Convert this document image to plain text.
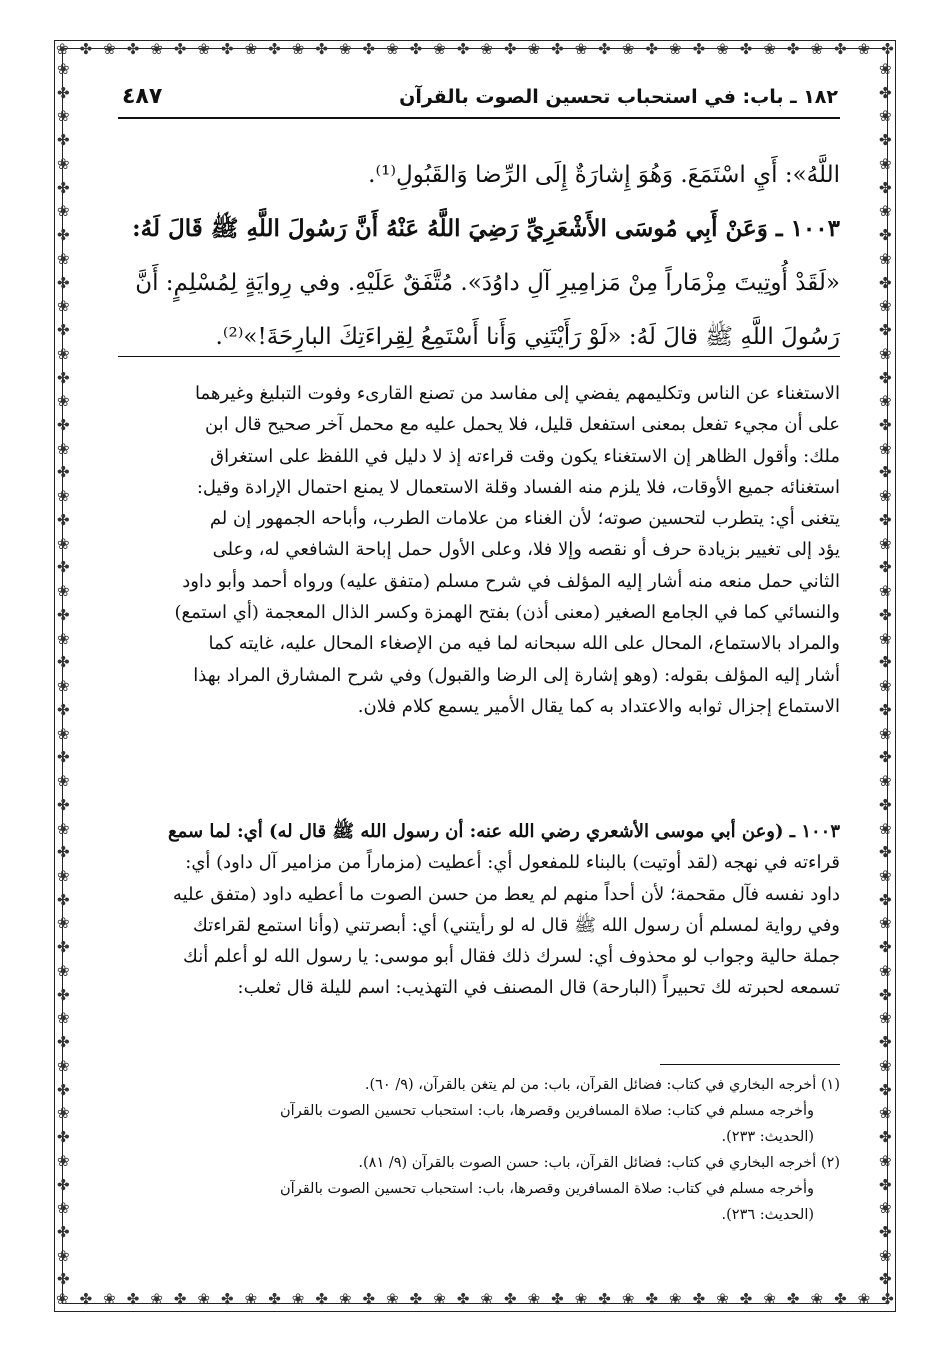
❀ ✤ ❀ ✤ ❀ ✤ ❀ ✤ ❀ ✤ ❀ ✤ ❀ ✤ ❀ ✤ ❀ ✤ ❀ ✤ ❀ ✤ ❀ ✤ ❀ ✤ ❀ ✤ ❀ ✤ ❀ ✤ ❀ ✤ ❀ ✤
❀ ✤ ❀ ✤ ❀ ✤ ❀ ✤ ❀ ✤ ❀ ✤ ❀ ✤ ❀ ✤ ❀ ✤ ❀ ✤ ❀ ✤ ❀ ✤ ❀ ✤ ❀ ✤ ❀ ✤ ❀ ✤ ❀ ✤ ❀ ✤
❀
✤
❀
✤
❀
✤
❀
✤
❀
✤
❀
✤
❀
✤
❀
✤
❀
✤
❀
✤
❀
✤
❀
✤
❀
✤
❀
✤
❀
✤
❀
✤
❀
✤
❀
✤
❀
✤
❀
✤
❀
✤
❀
✤
❀
✤
❀
✤
❀
✤
❀
✤
❀
✤
❀
✤
❀
✤
❀
✤
❀
✤
❀
✤
❀
✤
❀
✤
❀
✤
❀
✤
❀
✤
❀
✤
❀
✤
❀
✤
❀
✤
❀
✤
❀
✤
❀
✤
❀
✤
❀
✤
❀
✤
❀
✤
❀
✤
❀
✤
❀
✤
❀
✤
١٨٢ ـ باب: في استحباب تحسين الصوت بالقرآن
٤٨٧

اللَّهُ»: أَيِ اسْتَمَعَ. وَهُوَ إِشارَةٌ إِلَى الرِّضا وَالقَبُولِ⁽¹⁾.

١٠٠٣ ـ وَعَنْ أَبِي مُوسَى الأَشْعَرِيِّ رَضِيَ اللَّهُ عَنْهُ أَنَّ رَسُولَ اللَّهِ ﷺ قَالَ لَهُ:

«لَقَدْ أُوتِيتَ مِزْمَاراً مِنْ مَزامِيرِ آلِ داوُدَ». مُتَّفَقٌ عَلَيْهِ. وفي رِوايَةٍ لِمُسْلِمٍ: أَنَّ

رَسُولَ اللَّهِ ﷺ قالَ لَهُ: «لَوْ رَأَيْتَنِي وَأَنا أَسْتَمِعُ لِقِراءَتِكَ البارِحَةَ!»⁽²⁾.

الاستغناء عن الناس وتكليمهم يفضي إلى مفاسد من تصنع القارىء وفوت التبليغ وغيرهما

على أن مجيء تفعل بمعنى استفعل قليل، فلا يحمل عليه مع محمل آخر صحيح قال ابن

ملك: وأقول الظاهر إن الاستغناء يكون وقت قراءته إذ لا دليل في اللفظ على استغراق

استغنائه جميع الأوقات، فلا يلزم منه الفساد وقلة الاستعمال لا يمنع احتمال الإرادة وقيل:

يتغنى أي: يتطرب لتحسين صوته؛ لأن الغناء من علامات الطرب، وأباحه الجمهور إن لم

يؤد إلى تغيير بزيادة حرف أو نقصه وإلا فلا، وعلى الأول حمل إباحة الشافعي له، وعلى

الثاني حمل منعه منه أشار إليه المؤلف في شرح مسلم (متفق عليه) ورواه أحمد وأبو داود

والنسائي كما في الجامع الصغير (معنى أذن) بفتح الهمزة وكسر الذال المعجمة (أي استمع)

والمراد بالاستماع، المحال على الله سبحانه لما فيه من الإصغاء المحال عليه، غايته كما

أشار إليه المؤلف بقوله: (وهو إشارة إلى الرضا والقبول) وفي شرح المشارق المراد بهذا

الاستماع إجزال ثوابه والاعتداد به كما يقال الأمير يسمع كلام فلان.

١٠٠٣ ـ (وعن أبي موسى الأشعري رضي الله عنه: أن رسول الله ﷺ قال له) أي: لما سمع

قراءته في نهجه (لقد أوتيت) بالبناء للمفعول أي: أعطيت (مزماراً من مزامير آل داود) أي:

داود نفسه فآل مقحمة؛ لأن أحداً منهم لم يعط من حسن الصوت ما أعطيه داود (متفق عليه

وفي رواية لمسلم أن رسول الله ﷺ قال له لو رأيتني) أي: أبصرتني (وأنا استمع لقراءتك

جملة حالية وجواب لو محذوف أي: لسرك ذلك فقال أبو موسى: يا رسول الله لو أعلم أنك

تسمعه لحبرته لك تحبيراً (البارحة) قال المصنف في التهذيب: اسم لليلة قال ثعلب:

(١) أخرجه البخاري في كتاب: فضائل القرآن، باب: من لم يتغن بالقرآن، (٩/ ٦٠).

وأخرجه مسلم في كتاب: صلاة المسافرين وقصرها، باب: استحباب تحسين الصوت بالقرآن

(الحديث: ٢٣٣).

(٢) أخرجه البخاري في كتاب: فضائل القرآن، باب: حسن الصوت بالقرآن (٩/ ٨١).

وأخرجه مسلم في كتاب: صلاة المسافرين وقصرها، باب: استحباب تحسين الصوت بالقرآن

(الحديث: ٢٣٦).
